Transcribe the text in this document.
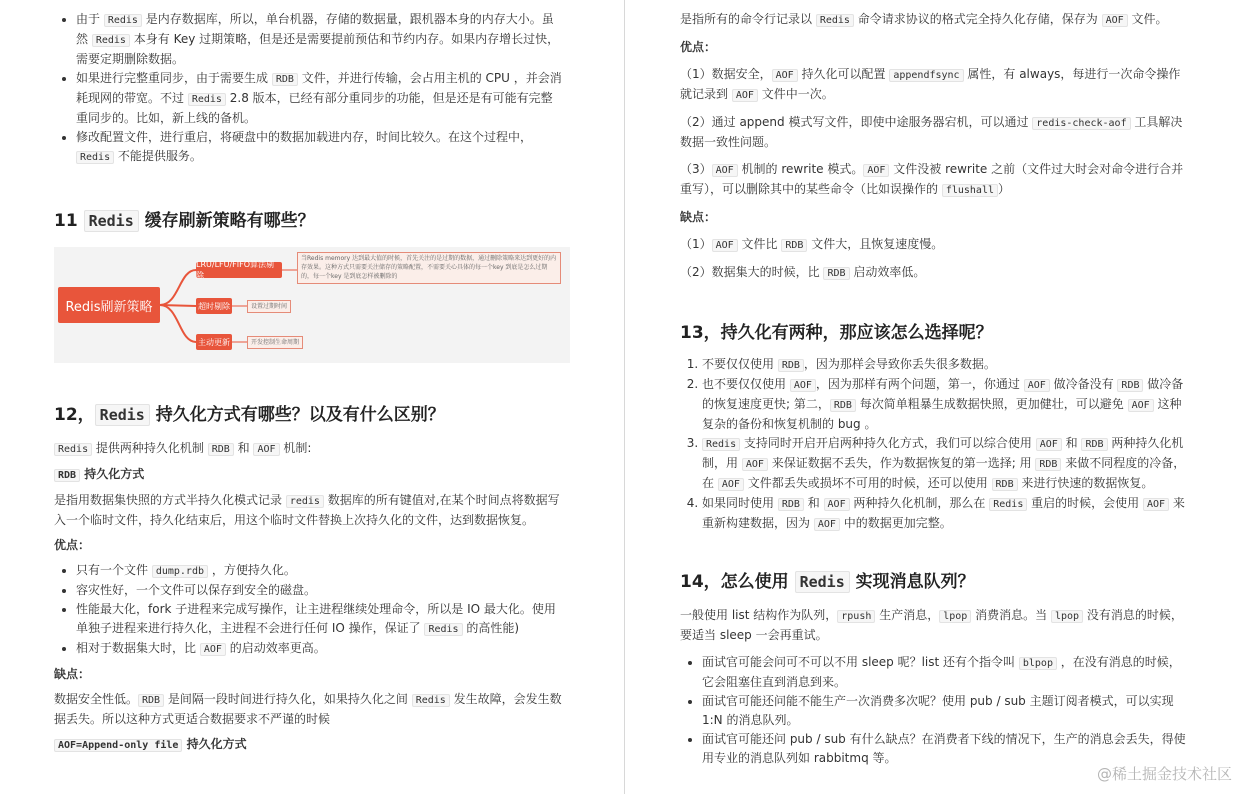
• 由于 Redis 是内存数据库，所以，单台机器，存储的数据量，跟机器本身的内存大小。虽然 Redis 本身有 Key 过期策略，但是还是需要提前预估和节约内存。如果内存增长过快，需要定期删除数据。
• 如果进行完整重同步，由于需要生成 RDB 文件，并进行传输，会占用主机的 CPU ，并会消耗现网的带宽。不过 Redis 2.8 版本，已经有部分重同步的功能，但是还是有可能有完整重同步的。比如，新上线的备机。
• 修改配置文件，进行重启，将硬盘中的数据加载进内存，时间比较久。在这个过程中，Redis 不能提供服务。
11 Redis 缓存刷新策略有哪些？
Redis刷新策略
LRU/LFU/FIFO算法剔除
超时剔除
主动更新
当Redis memory 达到最大值的时候，首先关注的是过期的数据，通过删除策略来达到更好的内存效果。这种方式只需要关注储存的策略配置，不需要关心具体的每一个key 到底是怎么过期的，每一个key 是到底怎样被删除的
设置过期时间
开发控制生命周期
12， Redis 持久化方式有哪些？以及有什么区别？

Redis 提供两种持久化机制 RDB 和 AOF 机制:

RDB 持久化方式

是指用数据集快照的方式半持久化模式记录 redis 数据库的所有键值对,在某个时间点将数据写入一个临时文件，持久化结束后，用这个临时文件替换上次持久化的文件，达到数据恢复。

优点：

• 只有一个文件 dump.rdb ，方便持久化。
• 容灾性好，一个文件可以保存到安全的磁盘。
• 性能最大化，fork 子进程来完成写操作，让主进程继续处理命令，所以是 IO 最大化。使用单独子进程来进行持久化，主进程不会进行任何 IO 操作，保证了 Redis 的高性能)
• 相对于数据集大时，比 AOF 的启动效率更高。

缺点：

数据安全性低。 RDB 是间隔一段时间进行持久化，如果持久化之间 Redis 发生故障，会发生数据丢失。所以这种方式更适合数据要求不严谨的时候

AOF=Append-only file 持久化方式

是指所有的命令行记录以 Redis 命令请求协议的格式完全持久化存储，保存为 AOF 文件。

优点：

（1）数据安全， AOF 持久化可以配置 appendfsync 属性，有 always，每进行一次命令操作就记录到 AOF 文件中一次。

（2）通过 append 模式写文件，即使中途服务器宕机，可以通过 redis-check-aof 工具解决数据一致性问题。

（3） AOF 机制的 rewrite 模式。 AOF 文件没被 rewrite 之前（文件过大时会对命令进行合并重写），可以删除其中的某些命令（比如误操作的 flushall ）

缺点：

（1） AOF 文件比 RDB 文件大，且恢复速度慢。

（2）数据集大的时候，比 RDB 启动效率低。

13，持久化有两种，那应该怎么选择呢？
1. 不要仅仅使用 RDB ，因为那样会导致你丢失很多数据。
2. 也不要仅仅使用 AOF ，因为那样有两个问题，第一，你通过 AOF 做冷备没有 RDB 做冷备的恢复速度更快; 第二， RDB 每次简单粗暴生成数据快照，更加健壮，可以避免 AOF 这种复杂的备份和恢复机制的 bug 。
3. Redis 支持同时开启开启两种持久化方式，我们可以综合使用 AOF 和 RDB 两种持久化机制，用 AOF 来保证数据不丢失，作为数据恢复的第一选择; 用 RDB 来做不同程度的冷备，在 AOF 文件都丢失或损坏不可用的时候，还可以使用 RDB 来进行快速的数据恢复。
4. 如果同时使用 RDB 和 AOF 两种持久化机制，那么在 Redis 重启的时候，会使用 AOF 来重新构建数据，因为 AOF 中的数据更加完整。
14，怎么使用 Redis 实现消息队列？

一般使用 list 结构作为队列， rpush 生产消息， lpop 消费消息。当 lpop 没有消息的时候，要适当 sleep 一会再重试。

• 面试官可能会问可不可以不用 sleep 呢？list 还有个指令叫 blpop ，在没有消息的时候，它会阻塞住直到消息到来。
• 面试官可能还问能不能生产一次消费多次呢？使用 pub / sub 主题订阅者模式，可以实现 1:N 的消息队列。
• 面试官可能还问 pub / sub 有什么缺点？在消费者下线的情况下，生产的消息会丢失，得使用专业的消息队列如 rabbitmq 等。
@稀土掘金技术社区
